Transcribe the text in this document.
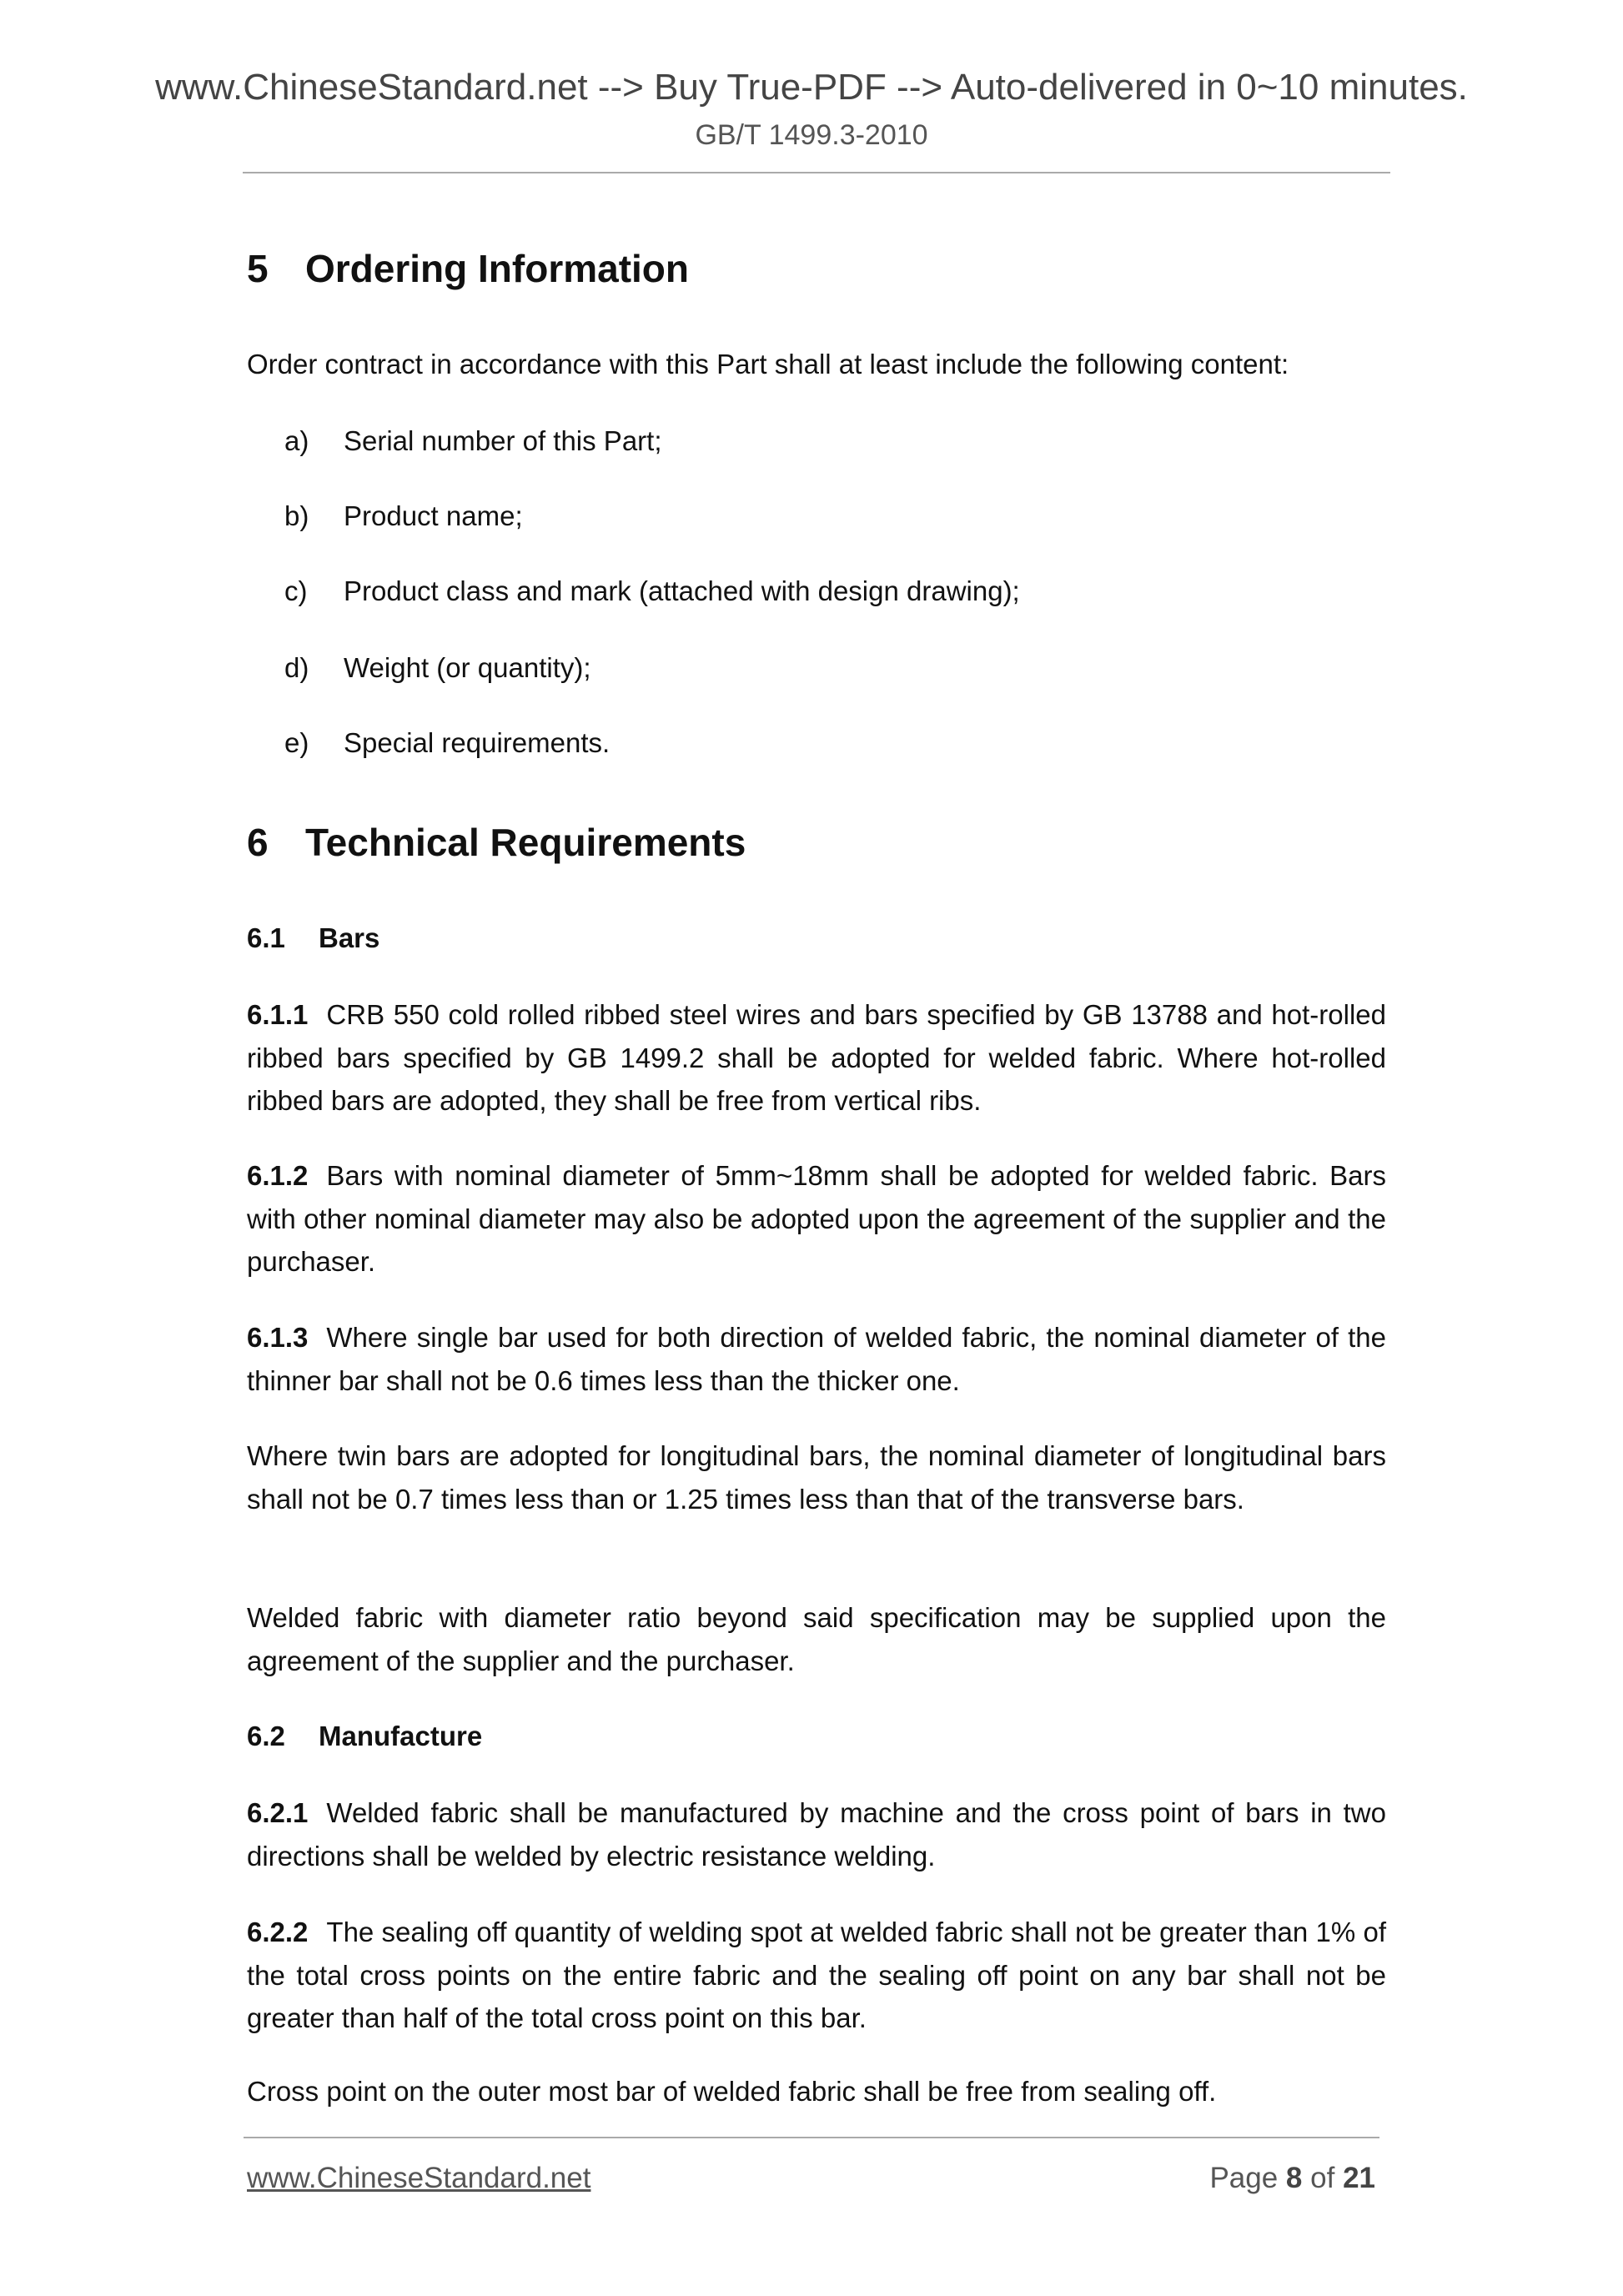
www.ChineseStandard.net --> Buy True-PDF --> Auto-delivered in 0~10 minutes.
GB/T 1499.3-2010
5 Ordering Information
Order contract in accordance with this Part shall at least include the following content:
a) Serial number of this Part;
b) Product name;
c) Product class and mark (attached with design drawing);
d) Weight (or quantity);
e) Special requirements.
6 Technical Requirements
6.1 Bars
6.1.1 CRB 550 cold rolled ribbed steel wires and bars specified by GB 13788 and hot-rolled ribbed bars specified by GB 1499.2 shall be adopted for welded fabric. Where hot-rolled ribbed bars are adopted, they shall be free from vertical ribs.
6.1.2 Bars with nominal diameter of 5mm~18mm shall be adopted for welded fabric. Bars with other nominal diameter may also be adopted upon the agreement of the supplier and the purchaser.
6.1.3 Where single bar used for both direction of welded fabric, the nominal diameter of the thinner bar shall not be 0.6 times less than the thicker one.
Where twin bars are adopted for longitudinal bars, the nominal diameter of longitudinal bars shall not be 0.7 times less than or 1.25 times less than that of the transverse bars.
Welded fabric with diameter ratio beyond said specification may be supplied upon the agreement of the supplier and the purchaser.
6.2 Manufacture
6.2.1 Welded fabric shall be manufactured by machine and the cross point of bars in two directions shall be welded by electric resistance welding.
6.2.2 The sealing off quantity of welding spot at welded fabric shall not be greater than 1% of the total cross points on the entire fabric and the sealing off point on any bar shall not be greater than half of the total cross point on this bar.
Cross point on the outer most bar of welded fabric shall be free from sealing off.
www.ChineseStandard.net	Page 8 of 21
